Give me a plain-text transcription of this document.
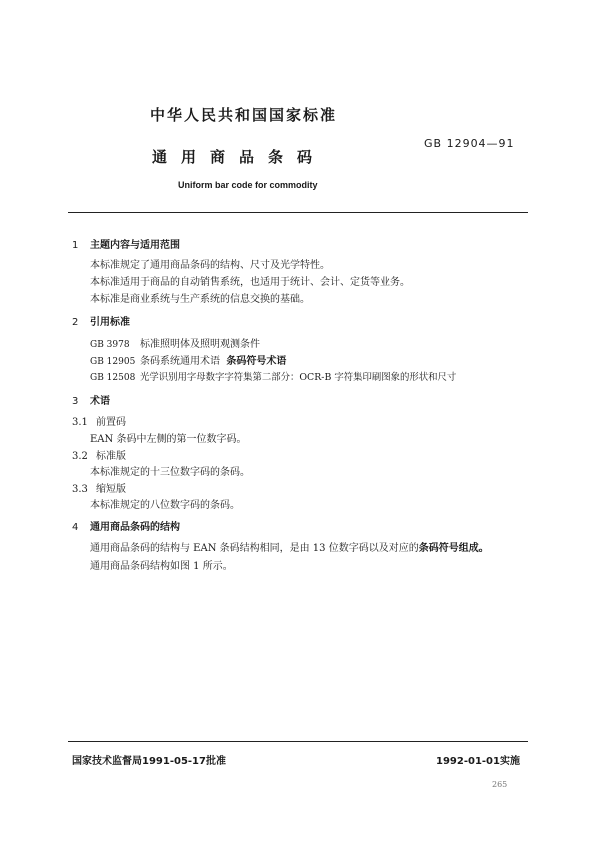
中华人民共和国国家标准
GB 12904—91
通用商品条码
Uniform bar code for commodity
1 主题内容与适用范围
本标准规定了通用商品条码的结构、尺寸及光学特性。
本标准适用于商品的自动销售系统，也适用于统计、会计、定货等业务。
本标准是商业系统与生产系统的信息交换的基础。
2 引用标准
GB 3978 标准照明体及照明观测条件
GB 12905 条码系统通用术语 条码符号术语
GB 12508 光学识别用字母数字字符集第二部分：OCR-B 字符集印刷图象的形状和尺寸
3 术语
3.1 前置码
EAN 条码中左侧的第一位数字码。
3.2 标准版
本标准规定的十三位数字码的条码。
3.3 缩短版
本标准规定的八位数字码的条码。
4 通用商品条码的结构
通用商品条码的结构与 EAN 条码结构相同，是由 13 位数字码以及对应的条码符号组成。
通用商品条码结构如图 1 所示。
国家技术监督局1991-05-17批准	1992-01-01实施
265
